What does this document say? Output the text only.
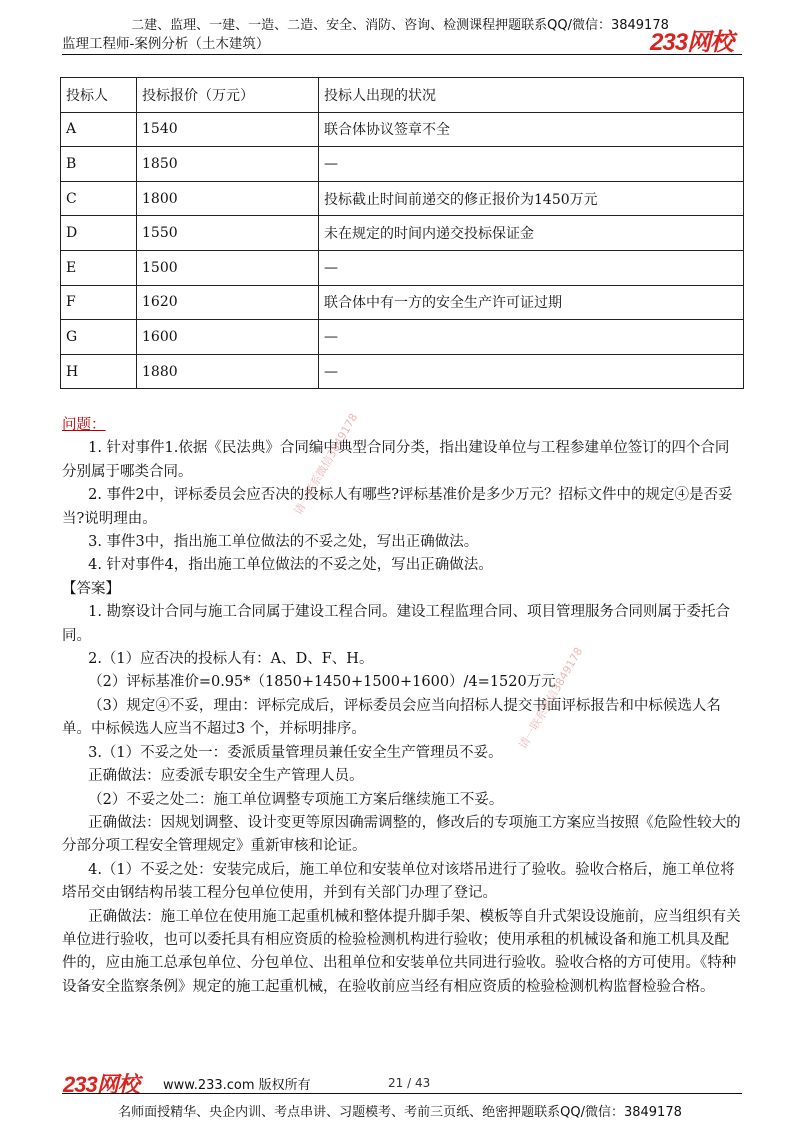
二建、监理、一建、一造、二造、安全、消防、咨询、检测课程押题联系QQ/微信：3849178
233网校
监理工程师-案例分析（土木建筑）
投标人	投标报价（万元）	投标人出现的状况
A	1540	联合体协议签章不全
B	1850	—
C	1800	投标截止时间前递交的修正报价为1450万元
D	1550	未在规定的时间内递交投标保证金
E	1500	—
F	1620	联合体中有一方的安全生产许可证过期
G	1600	—
H	1880	—

问题：

1. 针对事件1.依据《民法典》合同编中典型合同分类，指出建设单位与工程参建单位签订的四个合同分别属于哪类合同。

2. 事件2中，评标委员会应否决的投标人有哪些?评标基准价是多少万元？招标文件中的规定④是否妥当?说明理由。

3. 事件3中，指出施工单位做法的不妥之处，写出正确做法。

4. 针对事件4，指出施工单位做法的不妥之处，写出正确做法。

【答案】

1. 勘察设计合同与施工合同属于建设工程合同。建设工程监理合同、项目管理服务合同则属于委托合同。

2.（1）应否决的投标人有：A、D、F、H。

（2）评标基准价=0.95*（1850+1450+1500+1600）/4=1520万元

（3）规定④不妥，理由：评标完成后，评标委员会应当向招标人提交书面评标报告和中标候选人名单。中标候选人应当不超过3 个，并标明排序。

3.（1）不妥之处一：委派质量管理员兼任安全生产管理员不妥。

正确做法：应委派专职安全生产管理人员。

（2）不妥之处二：施工单位调整专项施工方案后继续施工不妥。

正确做法：因规划调整、设计变更等原因确需调整的，修改后的专项施工方案应当按照《危险性较大的分部分项工程安全管理规定》重新审核和论证。

4.（1）不妥之处：安装完成后，施工单位和安装单位对该塔吊进行了验收。验收合格后，施工单位将塔吊交由钢结构吊装工程分包单位使用，并到有关部门办理了登记。

正确做法：施工单位在使用施工起重机械和整体提升脚手架、模板等自升式架设设施前，应当组织有关单位进行验收，也可以委托具有相应资质的检验检测机构进行验收；使用承租的机械设备和施工机具及配件的，应由施工总承包单位、分包单位、出租单位和安装单位共同进行验收。验收合格的方可使用。《特种设备安全监察条例》规定的施工起重机械，在验收前应当经有相应资质的检验检测机构监督检验合格。

请一联系微信3849178
请一联系微信3849178
233网校 www.233.com 版权所有	21 / 43
名师面授精华、央企内训、考点串讲、习题模考、考前三页纸、绝密押题联系QQ/微信：3849178
